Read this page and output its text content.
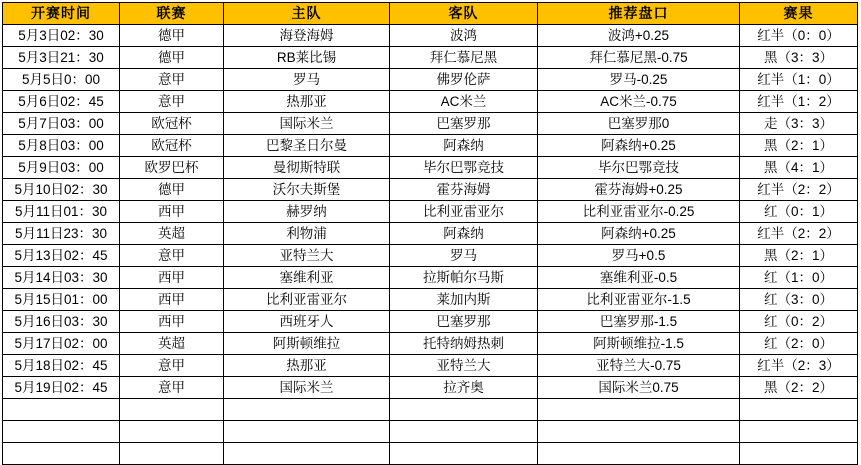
开赛时间	联赛	主队	客队	推荐盘口	赛果
5月3日02：30	德甲	海登海姆	波鸿	波鸿+0.25	红半（0：0）
5月3日21：30	德甲	RB莱比锡	拜仁慕尼黑	拜仁慕尼黑-0.75	黑（3：3）
5月5日0：00	意甲	罗马	佛罗伦萨	罗马-0.25	红半（1：0）
5月6日02：45	意甲	热那亚	AC米兰	AC米兰-0.75	红半（1：2）
5月7日03：00	欧冠杯	国际米兰	巴塞罗那	巴塞罗那0	走（3：3）
5月8日03：00	欧冠杯	巴黎圣日尔曼	阿森纳	阿森纳+0.25	黑（2：1）
5月9日03：00	欧罗巴杯	曼彻斯特联	毕尔巴鄂竞技	毕尔巴鄂竞技	黑（4：1）
5月10日02：30	德甲	沃尔夫斯堡	霍芬海姆	霍芬海姆+0.25	红半（2：2）
5月11日01：30	西甲	赫罗纳	比利亚雷亚尔	比利亚雷亚尔-0.25	红（0：1）
5月11日23：30	英超	利物浦	阿森纳	阿森纳+0.25	红半（2：2）
5月13日02：45	意甲	亚特兰大	罗马	罗马+0.5	黑（2：1）
5月14日03：30	西甲	塞维利亚	拉斯帕尔马斯	塞维利亚-0.5	红（1：0）
5月15日01：00	西甲	比利亚雷亚尔	莱加内斯	比利亚雷亚尔-1.5	红（3：0）
5月16日03：30	西甲	西班牙人	巴塞罗那	巴塞罗那-1.5	红（0：2）
5月17日02：00	英超	阿斯顿维拉	托特纳姆热刺	阿斯顿维拉-1.5	红（2：0）
5月18日02：45	意甲	热那亚	亚特兰大	亚特兰大-0.75	红半（2：3）
5月19日02：45	意甲	国际米兰	拉齐奥	国际米兰0.75	黑（2：2）
